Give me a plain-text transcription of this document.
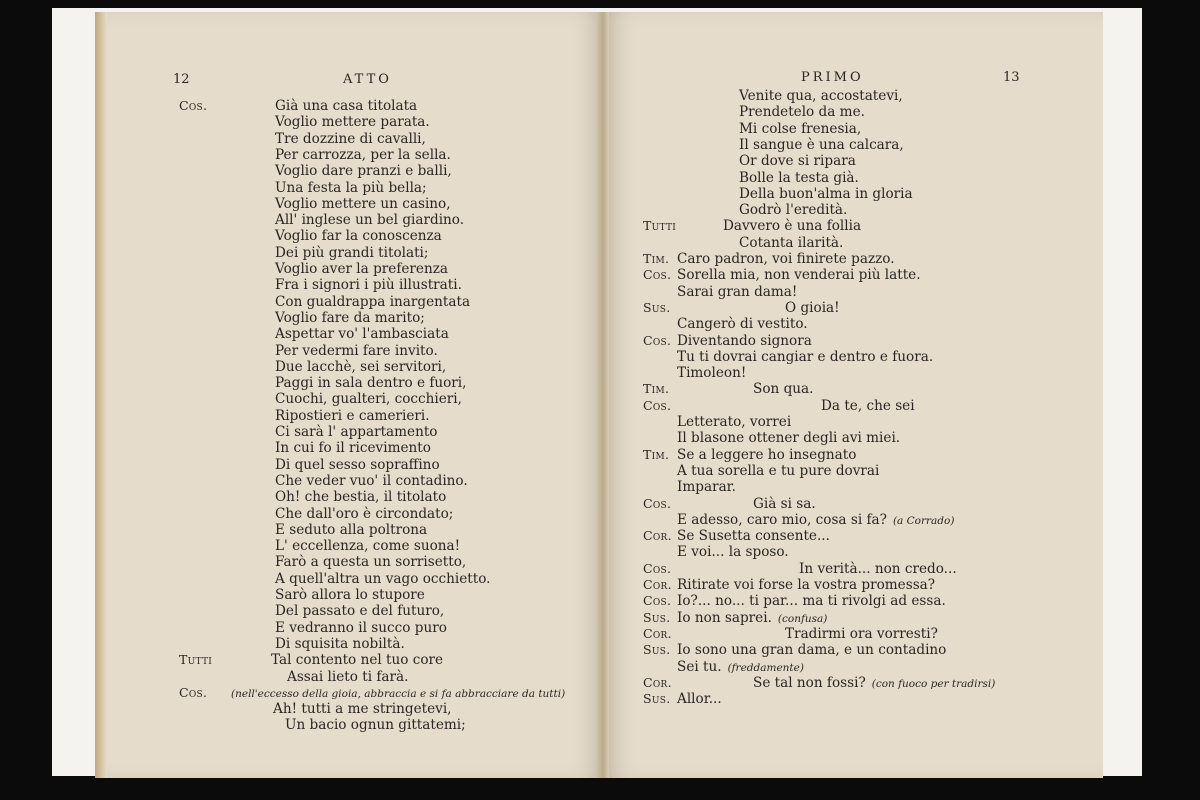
12	ATTO
Cos.	Già una casa titolata
Voglio mettere parata.
Tre dozzine di cavalli,
Per carrozza, per la sella.
Voglio dare pranzi e balli,
Una festa la più bella;
Voglio mettere un casino,
All' inglese un bel giardino.
Voglio far la conoscenza
Dei più grandi titolati;
Voglio aver la preferenza
Fra i signori i più illustrati.
Con gualdrappa inargentata
Voglio fare da marito;
Aspettar vo' l'ambasciata
Per vedermi fare invito.
Due lacchè, sei servitori,
Paggi in sala dentro e fuori,
Cuochi, gualteri, cocchieri,
Ripostieri e camerieri.
Ci sarà l' appartamento
In cui fo il ricevimento
Di quel sesso sopraffino
Che veder vuo' il contadino.
Oh! che bestia, il titolato
Che dall'oro è circondato;
E seduto alla poltrona
L' eccellenza, come suona!
Farò a questa un sorrisetto,
A quell'altra un vago occhietto.
Sarò allora lo stupore
Del passato e del futuro,
E vedranno il succo puro
Di squisita nobiltà.
Tutti	Tal contento nel tuo core
Assai lieto ti farà.
Cos.	(nell'eccesso della gioia, abbraccia e si fa abbracciare da tutti)
Ah! tutti a me stringetevi,
Un bacio ognun gittatemi;
PRIMO	13
Venite qua, accostatevi,
Prendetelo da me.
Mi colse frenesia,
Il sangue è una calcara,
Or dove si ripara
Bolle la testa già.
Della buon'alma in gloria
Godrò l'eredità.
Tutti	Davvero è una follia
Cotanta ilarità.
Tim. Caro padron, voi finirete pazzo.
Cos. Sorella mia, non venderai più latte.
Sarai gran dama!
Sus.	O gioia!
Cangerò di vestito.
Cos. Diventando signora
Tu ti dovrai cangiar e dentro e fuora.
Timoleon!
Tim.	Son qua.
Cos.	Da te, che sei
Letterato, vorrei
Il blasone ottener degli avi miei.
Tim. Se a leggere ho insegnato
A tua sorella e tu pure dovrai
Imparar.
Cos.	Già si sa.
E adesso, caro mio, cosa si fa? (a Corrado)
Cor. Se Susetta consente...
E voi... la sposo.
Cos.	In verità... non credo...
Cor. Ritirate voi forse la vostra promessa?
Cos. Io?... no... ti par... ma ti rivolgi ad essa.
Sus. Io non saprei. (confusa)
Cor.	Tradirmi ora vorresti?
Sus. Io sono una gran dama, e un contadino
Sei tu. (freddamente)
Cor.	Se tal non fossi? (con fuoco per tradirsi)
Sus. Allor...
